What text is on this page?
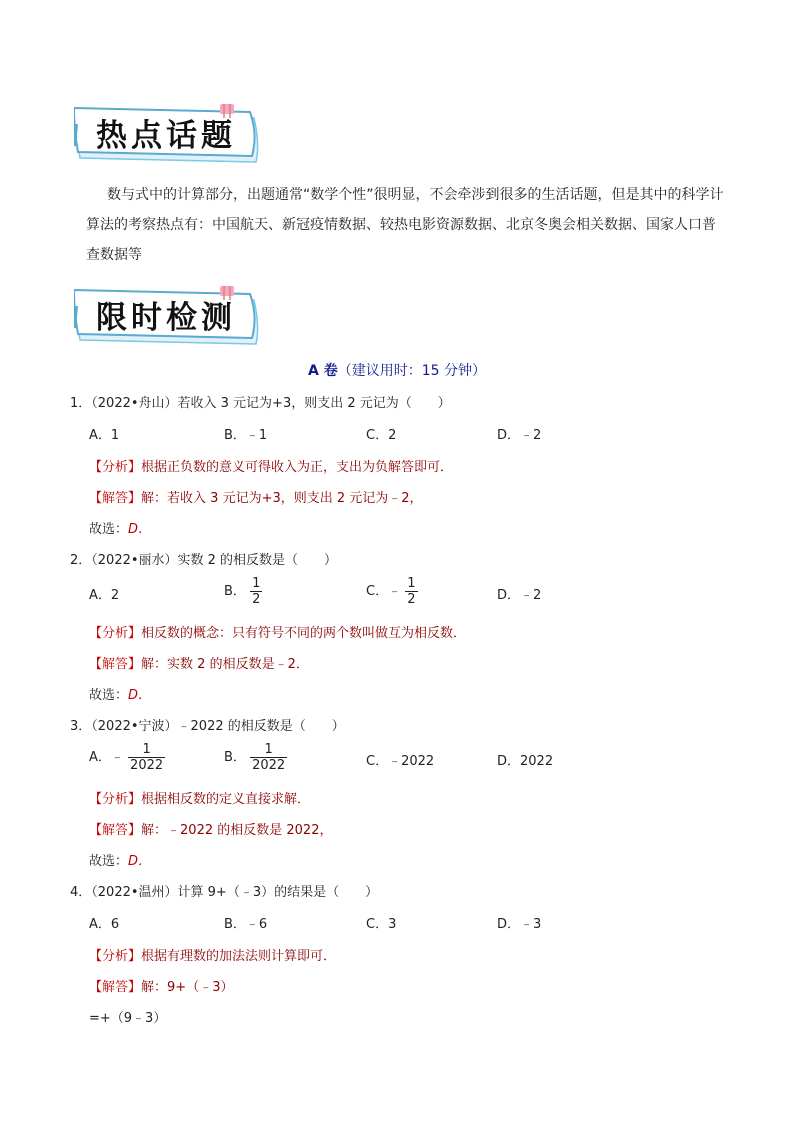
热点话题

数与式中的计算部分，出题通常“数学个性”很明显，不会牵涉到很多的生活话题，但是其中的科学计算法的考察热点有：中国航天、新冠疫情数据、较热电影资源数据、北京冬奥会相关数据、国家人口普查数据等

限时检测
A 卷（建议用时：15 分钟）
1．（2022•舟山）若收入 3 元记为+3，则支出 2 元记为（　　）
A．1	B．﹣1	C．2	D．﹣2
【分析】根据正负数的意义可得收入为正，支出为负解答即可．
【解答】解：若收入 3 元记为+3，则支出 2 元记为﹣2，
故选：D．
2．（2022•丽水）实数 2 的相反数是（　　）
A．2	B． $\frac{1}{2}$	C．﹣ $\frac{1}{2}$	D．﹣2
【分析】相反数的概念：只有符号不同的两个数叫做互为相反数．
【解答】解：实数 2 的相反数是﹣2．
故选：D．
3．（2022•宁波）﹣2022 的相反数是（　　）
A．﹣ $\frac{1}{2022}$	B． $\frac{1}{2022}$	C．﹣2022	D．2022
【分析】根据相反数的定义直接求解．
【解答】解：﹣2022 的相反数是 2022，
故选：D．
4．（2022•温州）计算 9+（﹣3）的结果是（　　）
A．6	B．﹣6	C．3	D．﹣3
【分析】根据有理数的加法法则计算即可．
【解答】解：9+（﹣3）
=+（9﹣3）
